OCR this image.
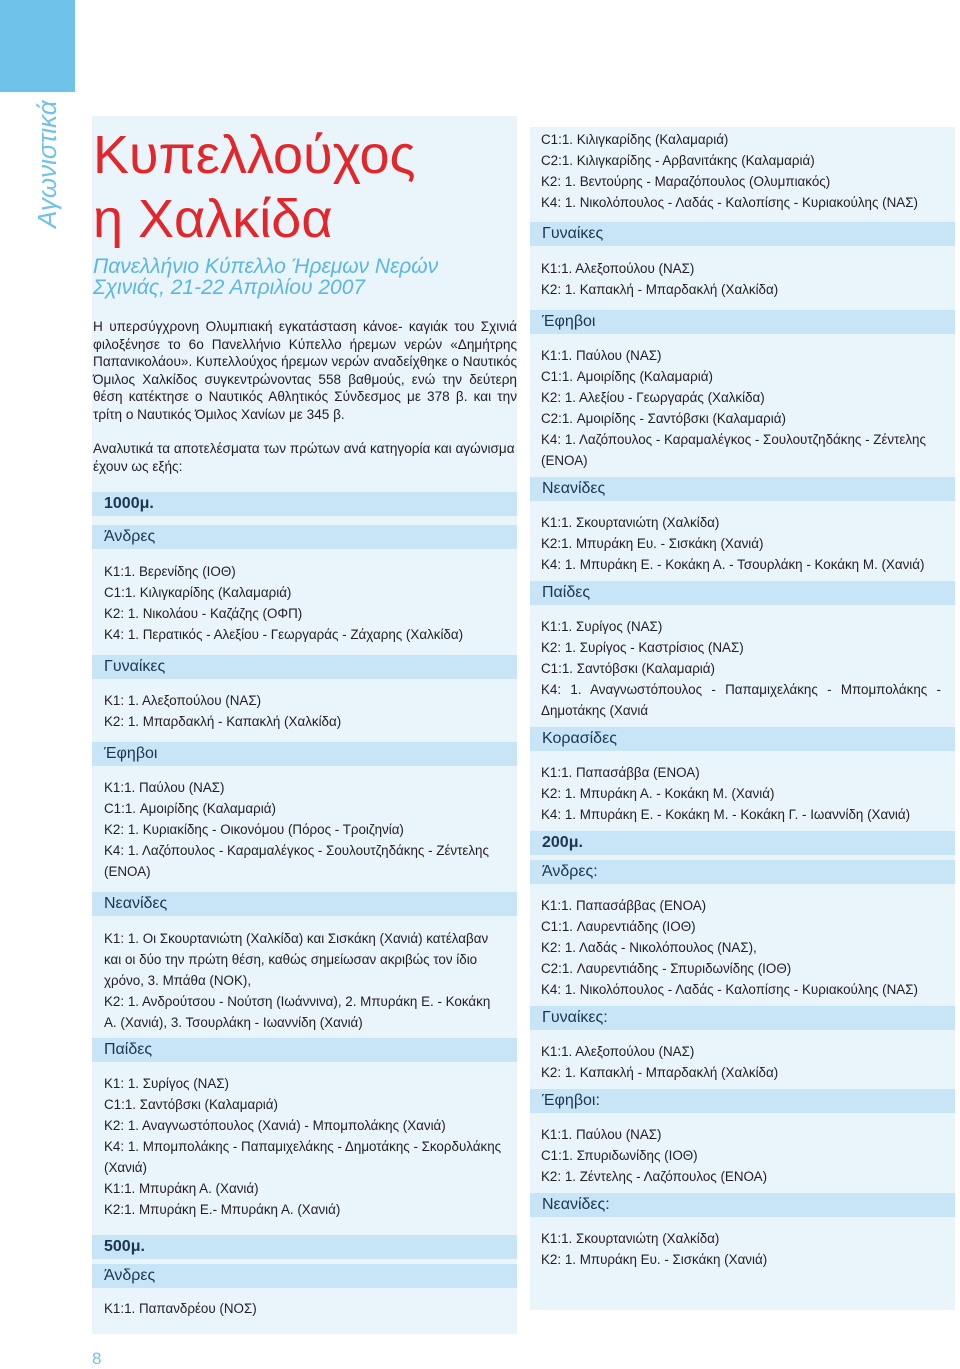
Αγωνιστικά Κυπελλούχος
η Χαλκίδα
Πανελλήνιο Κύπελλο Ήρεμων Νερών
Σχινιάς, 21-22 Απριλίου 2007
Η υπερσύγχρονη Ολυμπιακή εγκατάσταση κάνοε- καγιάκ του Σχινιά φιλοξένησε το 6ο Πανελλήνιο Κύπελλο ήρεμων νερών «Δημήτρης Παπανικολάου». Κυπελλούχος ήρεμων νερών αναδείχθηκε ο Ναυτικός Όμιλος Χαλκίδος συγκεντρώνοντας 558 βαθμούς, ενώ την δεύτερη θέση κατέκτησε ο Ναυτικός Αθλητικός Σύνδεσμος με 378 β. και την τρίτη ο Ναυτικός Όμιλος Χανίων με 345 β.
Αναλυτικά τα αποτελέσματα των πρώτων ανά κατηγορία και αγώνισμα έχουν ως εξής:
1000μ.
Άνδρες
Κ1:1. Βερενίδης (ΙΟΘ)
C1:1. Κιλιγκαρίδης (Καλαμαριά)
Κ2: 1. Νικολάου - Καζάζης (ΟΦΠ)
Κ4: 1. Περατικός - Αλεξίου - Γεωργαράς - Ζάχαρης (Χαλκίδα)
Γυναίκες
Κ1: 1. Αλεξοπούλου (ΝΑΣ)
Κ2: 1. Μπαρδακλή - Καπακλή (Χαλκίδα)
Έφηβοι
Κ1:1. Παύλου (ΝΑΣ)
C1:1. Αμοιρίδης (Καλαμαριά)
Κ2: 1. Κυριακίδης - Οικονόμου (Πόρος - Τροιζηνία)
Κ4: 1. Λαζόπουλος - Καραμαλέγκος - Σουλουτζηδάκης - Ζέντελης
(ΕΝΟΑ)
Νεανίδες
Κ1: 1. Οι Σκουρτανιώτη (Χαλκίδα) και Σισκάκη (Χανιά) κατέλαβαν και οι δύο την πρώτη θέση, καθώς σημείωσαν ακριβώς τον ίδιο χρόνο, 3. Μπάθα (ΝΟΚ),
Κ2: 1. Ανδρούτσου - Νούτση (Ιωάννινα), 2. Μπυράκη Ε. - Κοκάκη Α. (Χανιά), 3. Τσουρλάκη - Ιωαννίδη (Χανιά)
Παίδες
Κ1: 1. Συρίγος (ΝΑΣ)
C1:1. Σαντόβσκι (Καλαμαριά)
Κ2: 1. Αναγνωστόπουλος (Χανιά) - Μπομπολάκης (Χανιά)
Κ4: 1. Μπομπολάκης - Παπαμιχελάκης - Δημοτάκης - Σκορδυλάκης
(Χανιά)
Κ1:1. Μπυράκη Α. (Χανιά)
Κ2:1. Μπυράκη Ε.- Μπυράκη Α. (Χανιά)
500μ.
Άνδρες
Κ1:1. Παπανδρέου (ΝΟΣ)
C1:1. Κιλιγκαρίδης (Καλαμαριά)
C2:1. Κιλιγκαρίδης - Αρβανιτάκης (Καλαμαριά)
Κ2: 1. Βεντούρης - Μαραζόπουλος (Ολυμπιακός)
Κ4: 1. Νικολόπουλος - Λαδάς - Καλοπίσης - Κυριακούλης (ΝΑΣ)
Γυναίκες
Κ1:1. Αλεξοπούλου (ΝΑΣ)
Κ2: 1. Καπακλή - Μπαρδακλή (Χαλκίδα)
Έφηβοι
Κ1:1. Παύλου (ΝΑΣ)
C1:1. Αμοιρίδης (Καλαμαριά)
Κ2: 1. Αλεξίου - Γεωργαράς (Χαλκίδα)
C2:1. Αμοιρίδης - Σαντόβσκι (Καλαμαριά)
Κ4: 1. Λαζόπουλος - Καραμαλέγκος - Σουλουτζηδάκης - Ζέντελης
(ΕΝΟΑ)
Νεανίδες
Κ1:1. Σκουρτανιώτη (Χαλκίδα)
Κ2:1. Μπυράκη Ευ. - Σισκάκη (Χανιά)
Κ4: 1. Μπυράκη Ε. - Κοκάκη Α. - Τσουρλάκη - Κοκάκη Μ. (Χανιά)
Παίδες
Κ1:1. Συρίγος (ΝΑΣ)
Κ2: 1. Συρίγος - Καστρίσιος (ΝΑΣ)
C1:1. Σαντόβσκι (Καλαμαριά)
Κ4: 1. Αναγνωστόπουλος - Παπαμιχελάκης - Μπομπολάκης - Δημοτάκης (Χανιά
Κορασίδες
Κ1:1. Παπασάββα (ΕΝΟΑ)
Κ2: 1. Μπυράκη Α. - Κοκάκη Μ. (Χανιά)
Κ4: 1. Μπυράκη Ε. - Κοκάκη Μ. - Κοκάκη Γ. - Ιωαννίδη (Χανιά)
200μ.
Άνδρες:
Κ1:1. Παπασάββας (ΕΝΟΑ)
C1:1. Λαυρεντιάδης (ΙΟΘ)
Κ2: 1. Λαδάς - Νικολόπουλος (ΝΑΣ),
C2:1. Λαυρεντιάδης - Σπυριδωνίδης (ΙΟΘ)
Κ4: 1. Νικολόπουλος - Λαδάς - Καλοπίσης - Κυριακούλης (ΝΑΣ)
Γυναίκες:
Κ1:1. Αλεξοπούλου (ΝΑΣ)
Κ2: 1. Καπακλή - Μπαρδακλή (Χαλκίδα)
Έφηβοι:
Κ1:1. Παύλου (ΝΑΣ)
C1:1. Σπυριδωνίδης (ΙΟΘ)
Κ2: 1. Ζέντελης - Λαζόπουλος (ΕΝΟΑ)
Νεανίδες:
Κ1:1. Σκουρτανιώτη (Χαλκίδα)
Κ2: 1. Μπυράκη Ευ. - Σισκάκη (Χανιά)
8
